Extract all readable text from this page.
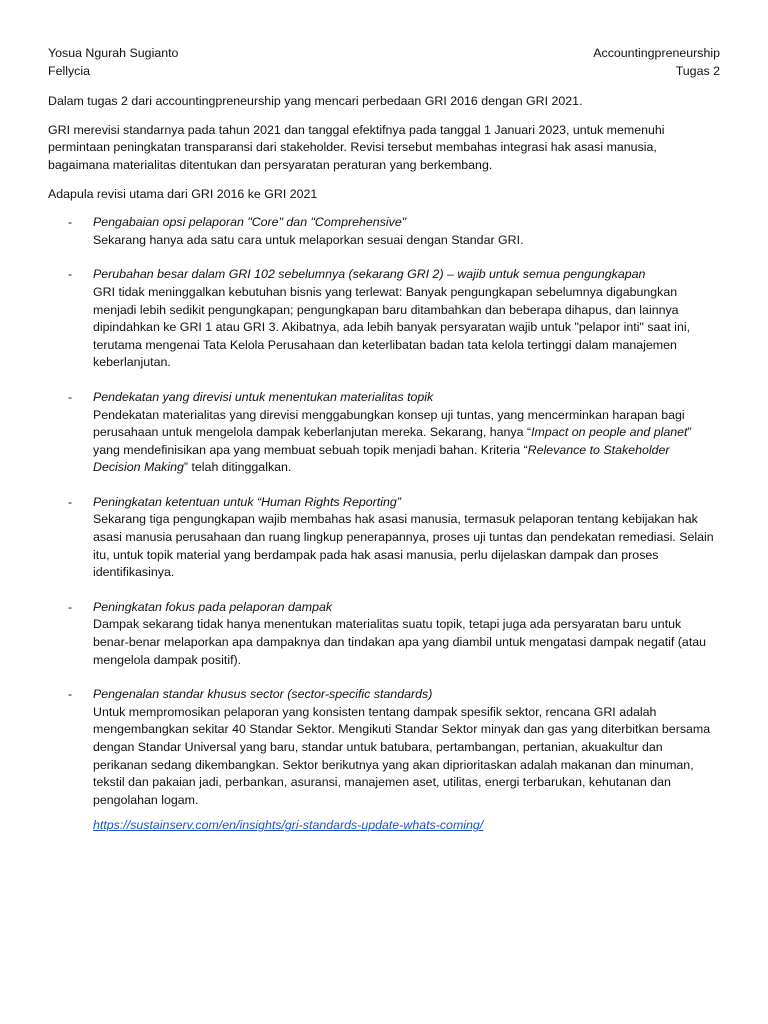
Yosua Ngurah Sugianto	Accountingpreneurship
Fellycia	Tugas 2

Dalam tugas 2 dari accountingpreneurship yang mencari perbedaan GRI 2016 dengan GRI 2021.

GRI merevisi standarnya pada tahun 2021 dan tanggal efektifnya pada tanggal 1 Januari 2023, untuk memenuhi permintaan peningkatan transparansi dari stakeholder. Revisi tersebut membahas integrasi hak asasi manusia, bagaimana materialitas ditentukan dan persyaratan peraturan yang berkembang.

Adapula revisi utama dari GRI 2016 ke GRI 2021

- Pengabaian opsi pelaporan "Core" dan "Comprehensive"

Sekarang hanya ada satu cara untuk melaporkan sesuai dengan Standar GRI.

- Perubahan besar dalam GRI 102 sebelumnya (sekarang GRI 2) – wajib untuk semua pengungkapan

GRI tidak meninggalkan kebutuhan bisnis yang terlewat: Banyak pengungkapan sebelumnya digabungkan menjadi lebih sedikit pengungkapan; pengungkapan baru ditambahkan dan beberapa dihapus, dan lainnya dipindahkan ke GRI 1 atau GRI 3. Akibatnya, ada lebih banyak persyaratan wajib untuk "pelapor inti" saat ini, terutama mengenai Tata Kelola Perusahaan dan keterlibatan badan tata kelola tertinggi dalam manajemen keberlanjutan.

- Pendekatan yang direvisi untuk menentukan materialitas topik

Pendekatan materialitas yang direvisi menggabungkan konsep uji tuntas, yang mencerminkan harapan bagi perusahaan untuk mengelola dampak keberlanjutan mereka. Sekarang, hanya “Impact on people and planet” yang mendefinisikan apa yang membuat sebuah topik menjadi bahan. Kriteria “Relevance to Stakeholder Decision Making” telah ditinggalkan.

- Peningkatan ketentuan untuk “Human Rights Reporting”

Sekarang tiga pengungkapan wajib membahas hak asasi manusia, termasuk pelaporan tentang kebijakan hak asasi manusia perusahaan dan ruang lingkup penerapannya, proses uji tuntas dan pendekatan remediasi. Selain itu, untuk topik material yang berdampak pada hak asasi manusia, perlu dijelaskan dampak dan proses identifikasinya.

- Peningkatan fokus pada pelaporan dampak

Dampak sekarang tidak hanya menentukan materialitas suatu topik, tetapi juga ada persyaratan baru untuk benar-benar melaporkan apa dampaknya dan tindakan apa yang diambil untuk mengatasi dampak negatif (atau mengelola dampak positif).

- Pengenalan standar khusus sector (sector-specific standards)

Untuk mempromosikan pelaporan yang konsisten tentang dampak spesifik sektor, rencana GRI adalah mengembangkan sekitar 40 Standar Sektor. Mengikuti Standar Sektor minyak dan gas yang diterbitkan bersama dengan Standar Universal yang baru, standar untuk batubara, pertambangan, pertanian, akuakultur dan perikanan sedang dikembangkan. Sektor berikutnya yang akan diprioritaskan adalah makanan dan minuman, tekstil dan pakaian jadi, perbankan, asuransi, manajemen aset, utilitas, energi terbarukan, kehutanan dan pengolahan logam.

https://sustainserv.com/en/insights/gri-standards-update-whats-coming/
